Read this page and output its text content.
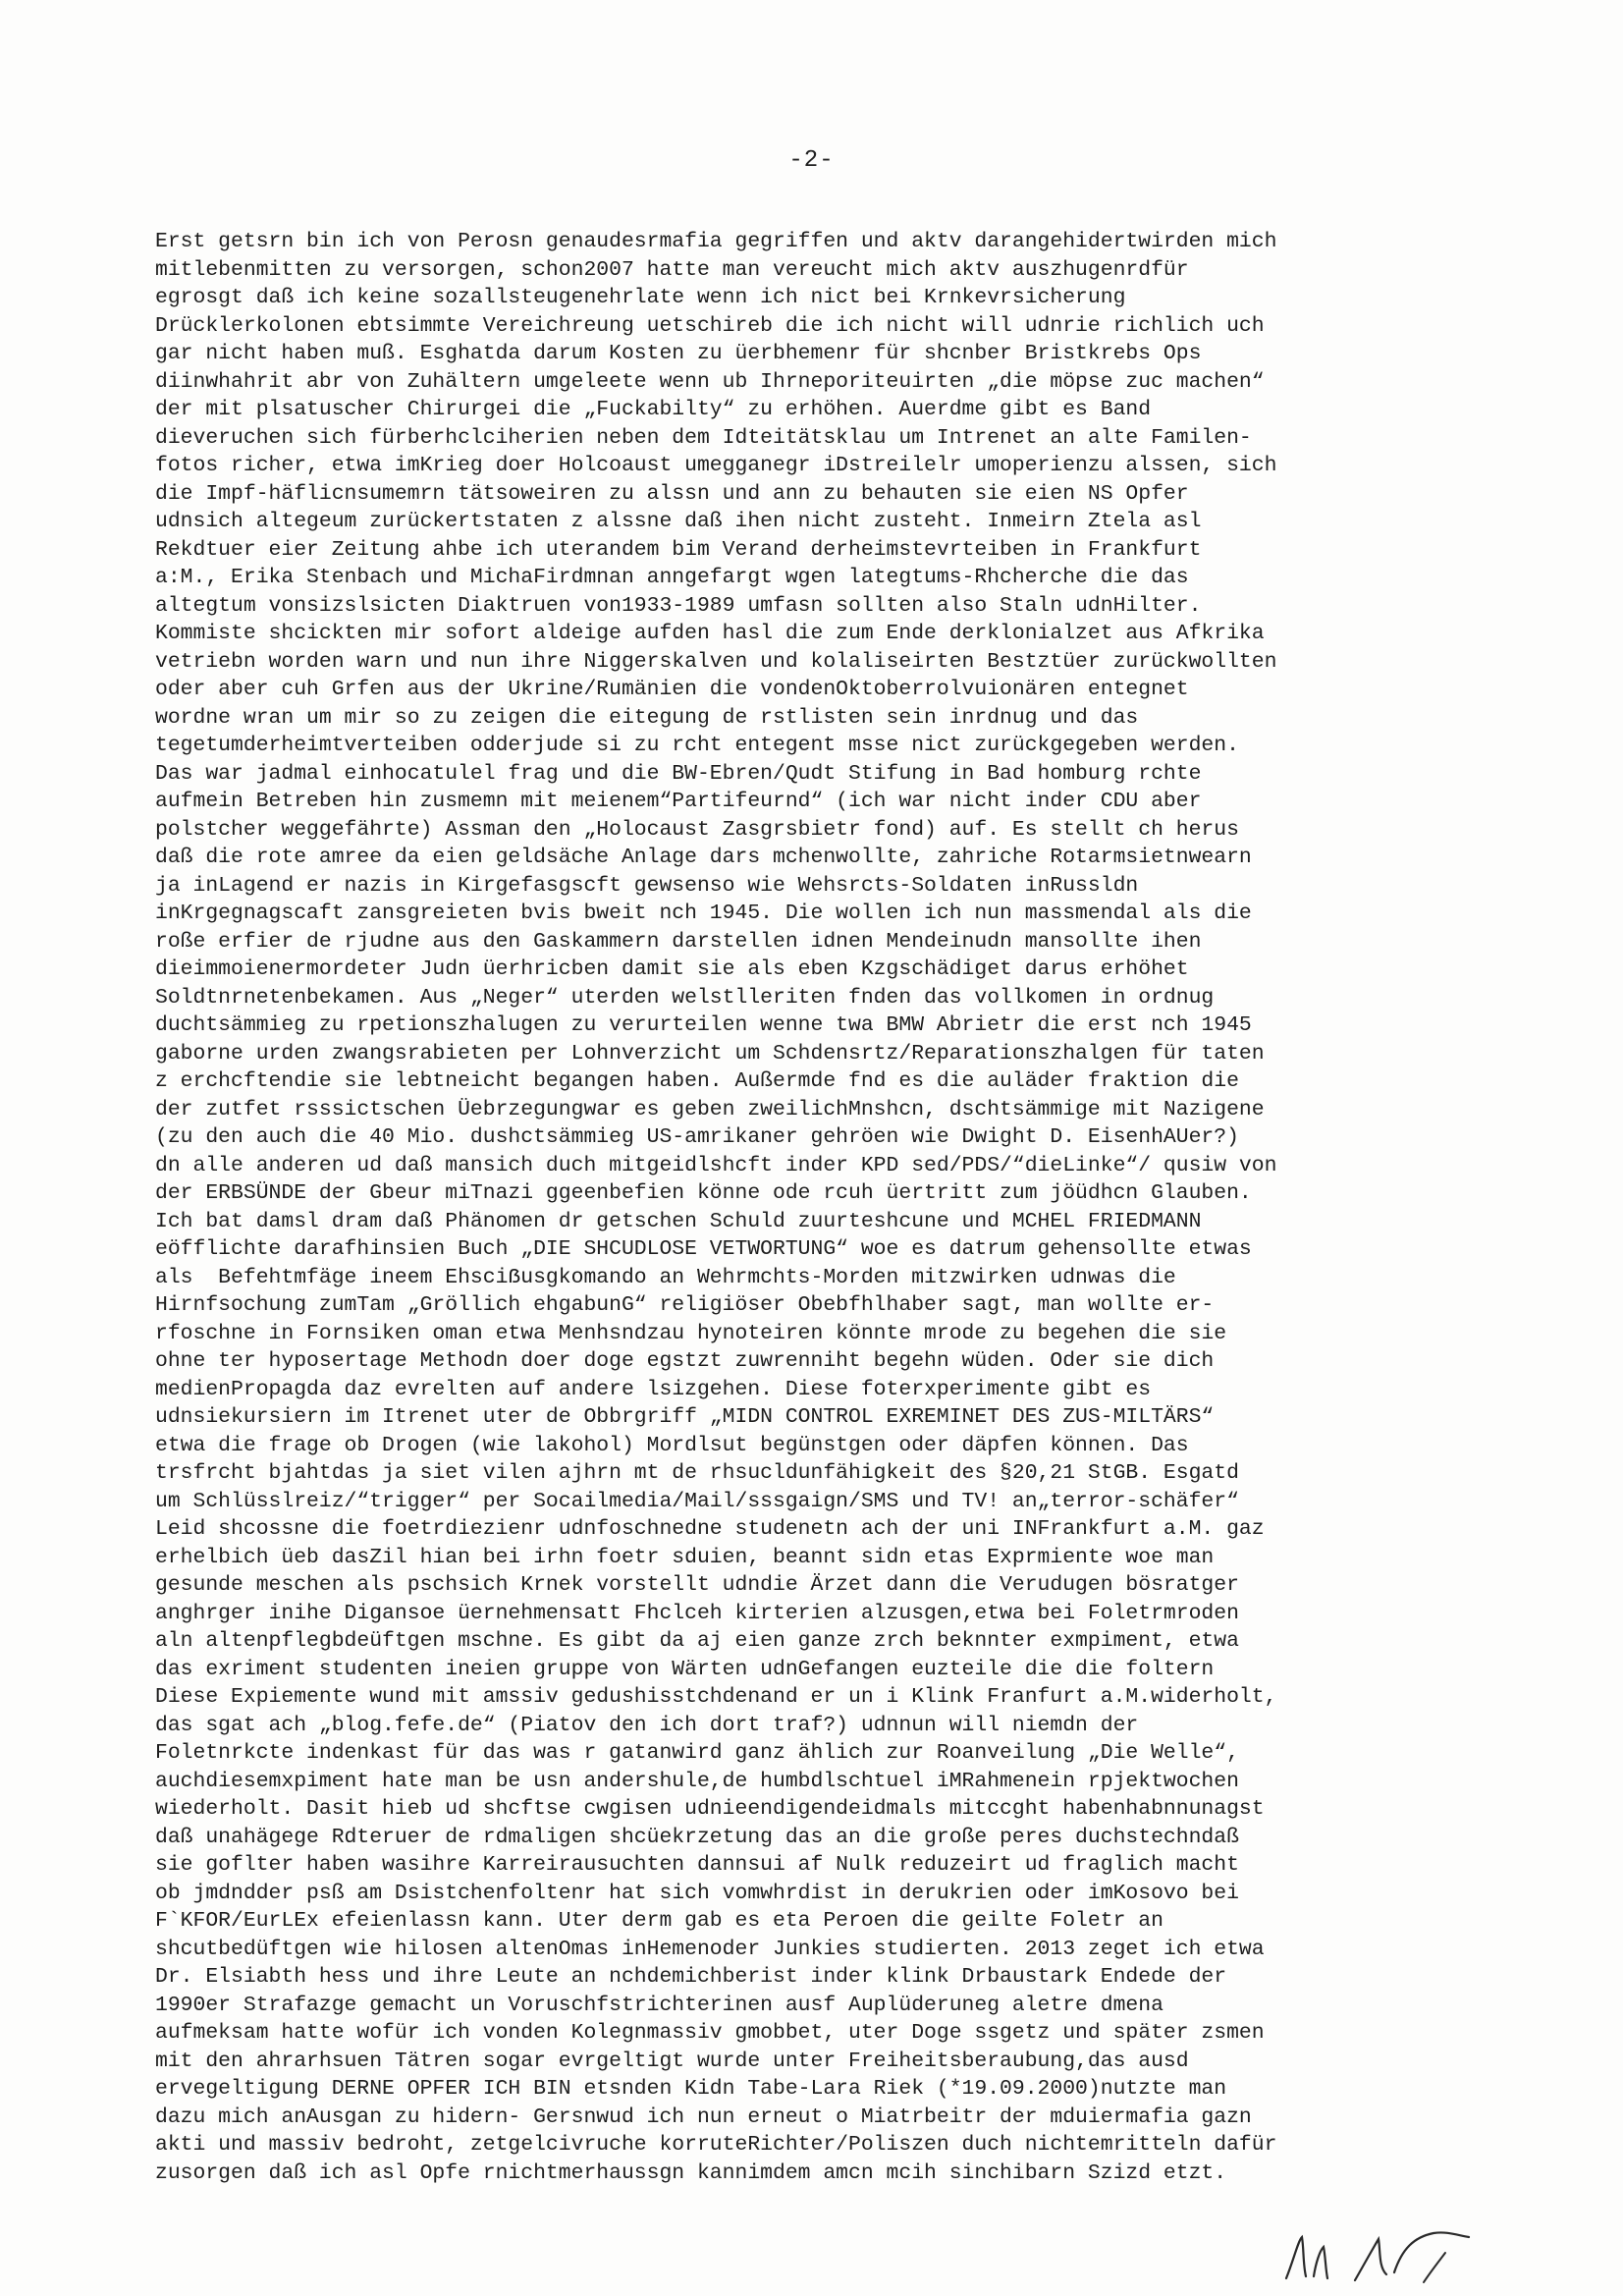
-2-
Erst getsrn bin ich von Perosn genaudesrmafia gegriffen und aktv darangehidertwirden mich
mitlebenmitten zu versorgen, schon2007 hatte man vereucht mich aktv auszhugenrdfür
egrosgt daß ich keine sozallsteugenehrlate wenn ich nict bei Krnkevrsicherung
Drücklerkolonen ebtsimmte Vereichreung uetschireb die ich nicht will udnrie richlich uch
gar nicht haben muß. Esghatda darum Kosten zu üerbhemenr für shcnber Bristkrebs Ops
diinwhahrit abr von Zuhältern umgeleete wenn ub Ihrneporiteuirten „die möpse zuc machen“
der mit plsatuscher Chirurgei die „Fuckabilty“ zu erhöhen. Auerdme gibt es Band
dieveruchen sich fürberhclciherien neben dem Idteitätsklau um Intrenet an alte Familen-
fotos richer, etwa imKrieg doer Holcoaust umegganegr iDstreilelr umoperienzu alssen, sich
die Impf-häflicnsumemrn tätsoweiren zu alssn und ann zu behauten sie eien NS Opfer
udnsich altegeum zurückertstaten z alssne daß ihen nicht zusteht. Inmeirn Ztela asl
Rekdtuer eier Zeitung ahbe ich uterandem bim Verand derheimstevrteiben in Frankfurt
a:M., Erika Stenbach und MichaFirdmnan anngefargt wgen lategtums-Rhcherche die das
altegtum vonsizslsicten Diaktruen von1933-1989 umfasn sollten also Staln udnHilter.
Kommiste shcickten mir sofort aldeige aufden hasl die zum Ende derklonialzet aus Afkrika
vetriebn worden warn und nun ihre Niggerskalven und kolaliseirten Bestztüer zurückwollten
oder aber cuh Grfen aus der Ukrine/Rumänien die vondenOktoberrolvuionären entegnet
wordne wran um mir so zu zeigen die eitegung de rstlisten sein inrdnug und das
tegetumderheimtverteiben odderjude si zu rcht entegent msse nict zurückgegeben werden.
Das war jadmal einhocatulel frag und die BW-Ebren/Qudt Stifung in Bad homburg rchte
aufmein Betreben hin zusmemn mit meienem“Partifeurnd“ (ich war nicht inder CDU aber
polstcher weggefährte) Assman den „Holocaust Zasgrsbietr fond) auf. Es stellt ch herus
daß die rote amree da eien geldsäche Anlage dars mchenwollte, zahriche Rotarmsietnwearn
ja inLagend er nazis in Kirgefasgscft gewsenso wie Wehsrcts-Soldaten inRussldn
inKrgegnagscaft zansgreieten bvis bweit nch 1945. Die wollen ich nun massmendal als die
roße erfier de rjudne aus den Gaskammern darstellen idnen Mendeinudn mansollte ihen
dieimmoienermordeter Judn üerhricben damit sie als eben Kzgschädiget darus erhöhet
Soldtnrnetenbekamen. Aus „Neger“ uterden welstlleriten fnden das vollkomen in ordnug
duchtsämmieg zu rpetionszhalugen zu verurteilen wenne twa BMW Abrietr die erst nch 1945
gaborne urden zwangsrabieten per Lohnverzicht um Schdensrtz/Reparationszhalgen für taten
z erchcftendie sie lebtneicht begangen haben. Außermde fnd es die auläder fraktion die
der zutfet rsssictschen Üebrzegungwar es geben zweilichMnshcn, dschtsämmige mit Nazigene
(zu den auch die 40 Mio. dushctsämmieg US-amrikaner gehröen wie Dwight D. EisenhAUer?)
dn alle anderen ud daß mansich duch mitgeidlshcft inder KPD sed/PDS/“dieLinke“/ qusiw von
der ERBSÜNDE der Gbeur miTnazi ggeenbefien könne ode rcuh üertritt zum jöüdhcn Glauben.
Ich bat damsl dram daß Phänomen dr getschen Schuld zuurteshcune und MCHEL FRIEDMANN
eöfflichte darafhinsien Buch „DIE SHCUDLOSE VETWORTUNG“ woe es datrum gehensollte etwas
als  Befehtmfäge ineem Ehsciẞusgkomando an Wehrmchts-Morden mitzwirken udnwas die
Hirnfsochung zumTam „Gröllich ehgabunG“ religiöser Obebfhlhaber sagt, man wollte er-
rfoschne in Fornsiken oman etwa Menhsndzau hynoteiren könnte mrode zu begehen die sie
ohne ter hyposertage Methodn doer doge egstzt zuwrenniht begehn wüden. Oder sie dich
medienPropagda daz evrelten auf andere lsizgehen. Diese foterxperimente gibt es
udnsiekursiern im Itrenet uter de Obbrgriff „MIDN CONTROL EXREMINET DES ZUS-MILTÄRS“
etwa die frage ob Drogen (wie lakohol) Mordlsut begünstgen oder däpfen können. Das
trsfrcht bjahtdas ja siet vilen ajhrn mt de rhsucldunfähigkeit des §20,21 StGB. Esgatd
um Schlüsslreiz/“trigger“ per Socailmedia/Mail/sssgaign/SMS und TV! an„terror-schäfer“
Leid shcossne die foetrdiezienr udnfoschnedne studenetn ach der uni INFrankfurt a.M. gaz
erhelbich üeb dasZil hian bei irhn foetr sduien, beannt sidn etas Exprmiente woe man
gesunde meschen als pschsich Krnek vorstellt udndie Ärzet dann die Verudugen bösratger
anghrger inihe Digansoe üernehmensatt Fhclceh kirterien alzusgen,etwa bei Foletrmroden
aln altenpflegbdeüftgen mschne. Es gibt da aj eien ganze zrch beknnter exmpiment, etwa
das exriment studenten ineien gruppe von Wärten udnGefangen euzteile die die foltern
Diese Expiemente wund mit amssiv gedushisstchdenand er un i Klink Franfurt a.M.widerholt,
das sgat ach „blog.fefe.de“ (Piatov den ich dort traf?) udnnun will niemdn der
Foletnrkcte indenkast für das was r gatanwird ganz ählich zur Roanveilung „Die Welle“,
auchdiesemxpiment hate man be usn andershule,de humbdlschtuel iMRahmenein rpjektwochen
wiederholt. Dasit hieb ud shcftse cwgisen udnieendigendeidmals mitccght habenhabnnunagst
daß unahägege Rdteruer de rdmaligen shcüekrzetung das an die große peres duchstechndaß
sie goflter haben wasihre Karreirausuchten dannsui af Nulk reduzeirt ud fraglich macht
ob jmdndder psß am Dsistchenfoltenr hat sich vomwhrdist in derukrien oder imKosovo bei
F`KFOR/EurLEx efeienlassn kann. Uter derm gab es eta Peroen die geilte Foletr an
shcutbedüftgen wie hilosen altenOmas inHemenoder Junkies studierten. 2013 zeget ich etwa
Dr. Elsiabth hess und ihre Leute an nchdemichberist inder klink Drbaustark Endede der
1990er Strafazge gemacht un Voruschfstrichterinen ausf Auplüderuneg aletre dmena
aufmeksam hatte wofür ich vonden Kolegnmassiv gmobbet, uter Doge ssgetz und später zsmen
mit den ahrarhsuen Tätren sogar evrgeltigt wurde unter Freiheitsberaubung,das ausd
ervegeltigung DERNE OPFER ICH BIN etsnden Kidn Tabe-Lara Riek (*19.09.2000)nutzte man
dazu mich anAusgan zu hidern- Gersnwud ich nun erneut o Miatrbeitr der mduiermafia gazn
akti und massiv bedroht, zetgelcivruche korruteRichter/Poliszen duch nichtemritteln dafür
zusorgen daß ich asl Opfe rnichtmerhaussgn kannimdem amcn mcih sinchibarn Szizd etzt.
